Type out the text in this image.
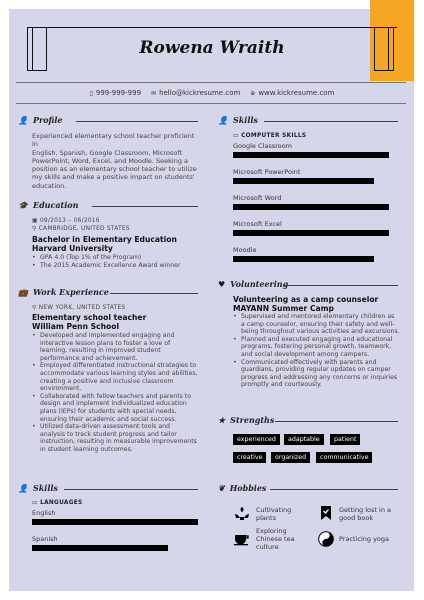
Rowena Wraith
▯ 999-999-999 ✉ hello@kickresume.com ⊕ www.kickresume.com
👤 Profile
Experienced elementary school teacher proficient in
English, Spanish, Google Classroom, Microsoft
PowerPoint, Word, Excel, and Moodle. Seeking a
position as an elementary school teacher to utilize
my skills and make a positive impact on students'
education.
🎓 Education
▣ 09/2013 – 06/2016
⚲ CAMBRIDGE, UNITED STATES
Bachelor in Elementary Education
Harvard University
• GPA 4.0 (Top 1% of the Program)
• The 2015 Academic Excellence Award winner
💼 Work Experience
⚲ NEW YORK, UNITED STATES
Elementary school teacher
William Penn School
• Developed and implemented engaging and
interactive lesson plans to foster a love of
learning, resulting in improved student
performance and achievement.

• Employed differentiated instructional strategies to
accommodate various learning styles and abilities,
creating a positive and inclusive classroom
environment.

• Collaborated with fellow teachers and parents to
design and implement individualized education
plans (IEPs) for students with special needs,
ensuring their academic and social success.

• Utilized data-driven assessment tools and
analysis to track student progress and tailor
instruction, resulting in measurable improvements
in student learning outcomes.

👤 Skills
▭ LANGUAGES
English
Spanish
👤 Skills
▭ COMPUTER SKILLS
Google Classroom
Microsoft PowerPoint
Microsoft Word
Microsoft Excel
Moodle
♥ Volunteering
Volunteering as a camp counselor
MAYANN Summer Camp
• Supervised and mentored elementary children as
a camp counselor, ensuring their safety and well-
being throughout various activities and excursions.

• Planned and executed engaging and educational
programs, fostering personal growth, teamwork,
and social development among campers.

• Communicated effectively with parents and
guardians, providing regular updates on camper
progress and addressing any concerns or inquiries
promptly and courteously.

★ Strengths
experienced	adaptable	patient
creative	organized	communicative
❦ Hobbies
Cultivating
plants
Getting lost in a
good book
Exploring
Chinese tea
culture
Practicing yoga
